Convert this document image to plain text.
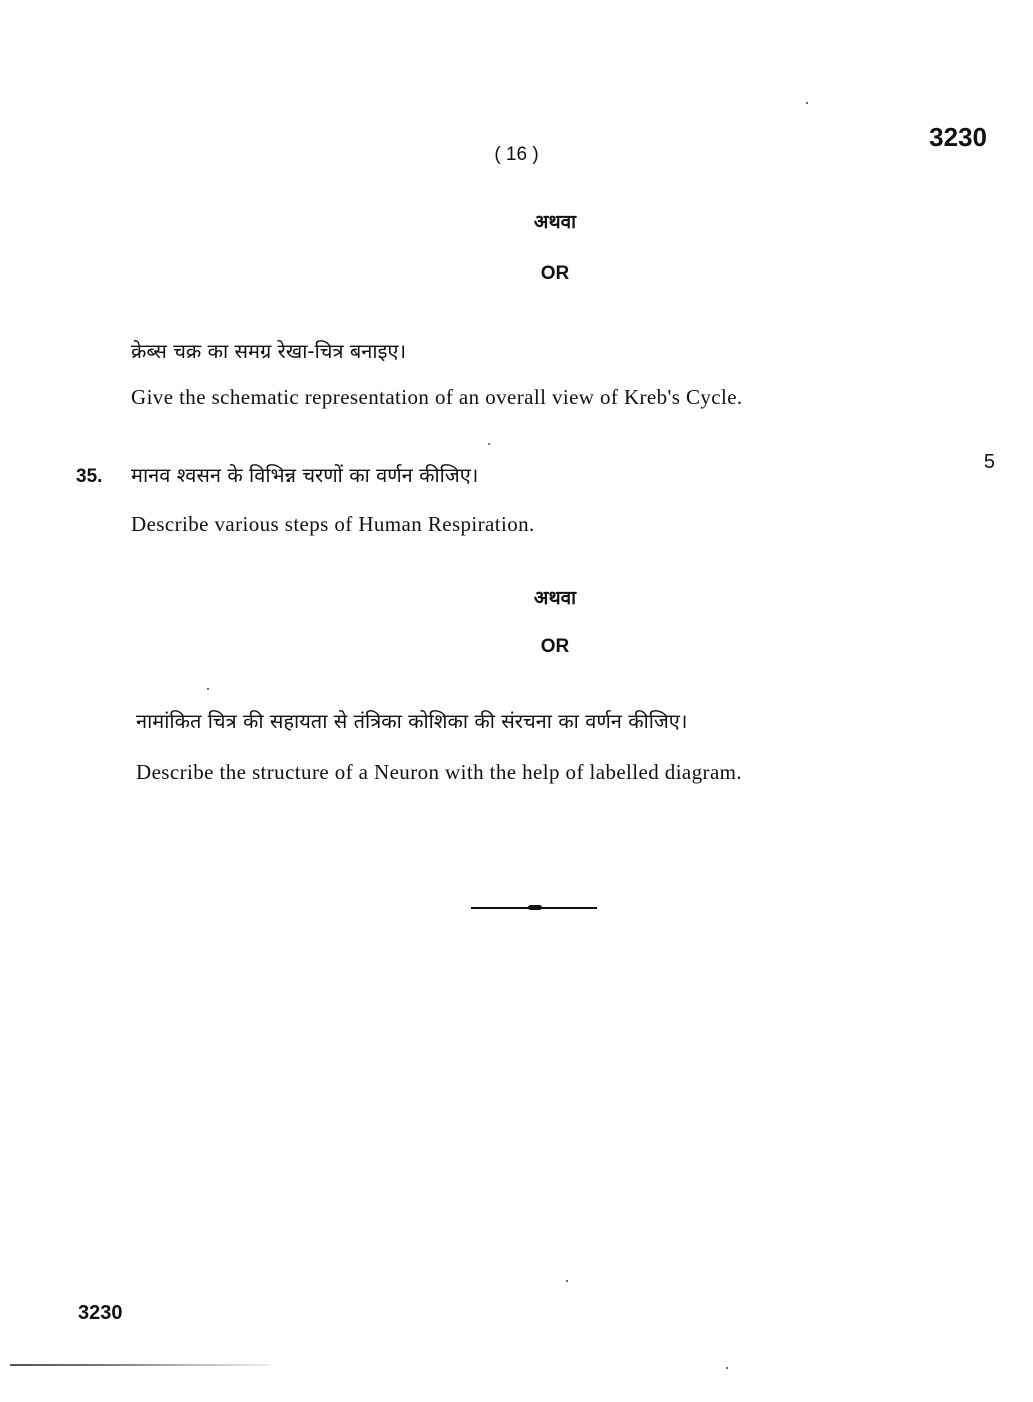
( 16 )
3230
अथवा
OR
क्रेब्स चक्र का समग्र रेखा-चित्र बनाइए।
Give the schematic representation of an overall view of Kreb's Cycle.
35.
5
मानव श्वसन के विभिन्न चरणों का वर्णन कीजिए।
Describe various steps of Human Respiration.
अथवा
OR
नामांकित चित्र की सहायता से तंत्रिका कोशिका की संरचना का वर्णन कीजिए।
Describe the structure of a Neuron with the help of labelled diagram.
3230
